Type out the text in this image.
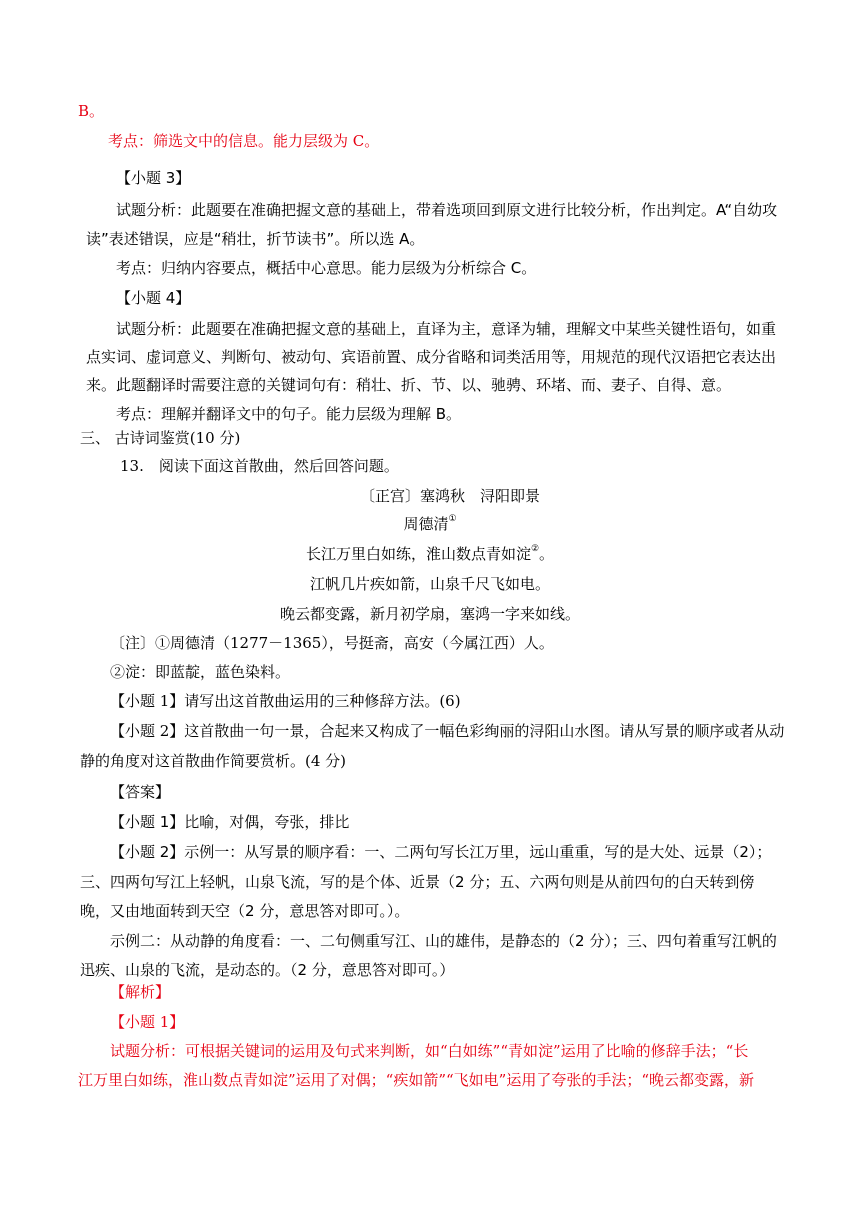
B。
考点：筛选文中的信息。能力层级为 C。
【小题 3】
试题分析：此题要在准确把握文意的基础上，带着选项回到原文进行比较分析，作出判定。A“自幼攻
读”表述错误，应是“稍壮，折节读书”。所以选 A。
考点：归纳内容要点，概括中心意思。能力层级为分析综合 C。
【小题 4】
试题分析：此题要在准确把握文意的基础上，直译为主，意译为辅，理解文中某些关键性语句，如重
点实词、虚词意义、判断句、被动句、宾语前置、成分省略和词类活用等，用规范的现代汉语把它表达出
来。此题翻译时需要注意的关键词句有：稍壮、折、节、以、驰骋、环堵、而、妻子、自得、意。
考点：理解并翻译文中的句子。能力层级为理解 B。
三、 古诗词鉴赏(10 分)
13.　阅读下面这首散曲，然后回答问题。
〔正宫〕塞鸿秋　浔阳即景
周德清①
长江万里白如练，淮山数点青如淀②。
江帆几片疾如箭，山泉千尺飞如电。
晚云都变露，新月初学扇，塞鸿一字来如线。
〔注〕①周德清（1277－1365），号挺斋，高安（今属江西）人。
②淀：即蓝靛，蓝色染料。
【小题 1】请写出这首散曲运用的三种修辞方法。(6)
【小题 2】这首散曲一句一景，合起来又构成了一幅色彩绚丽的浔阳山水图。请从写景的顺序或者从动
静的角度对这首散曲作简要赏析。(4 分)
【答案】
【小题 1】比喻，对偶，夸张，排比
【小题 2】示例一：从写景的顺序看：一、二两句写长江万里，远山重重，写的是大处、远景（2）；
三、四两句写江上轻帆，山泉飞流，写的是个体、近景（2 分；五、六两句则是从前四句的白天转到傍
晚，又由地面转到天空（2 分，意思答对即可。）。
示例二：从动静的角度看：一、二句侧重写江、山的雄伟，是静态的（2 分）；三、四句着重写江帆的
迅疾、山泉的飞流，是动态的。（2 分，意思答对即可。）
【解析】
【小题 1】
试题分析：可根据关键词的运用及句式来判断，如“白如练”“青如淀”运用了比喻的修辞手法；“长
江万里白如练，淮山数点青如淀”运用了对偶；“疾如箭”“飞如电”运用了夸张的手法；“晚云都变露，新
